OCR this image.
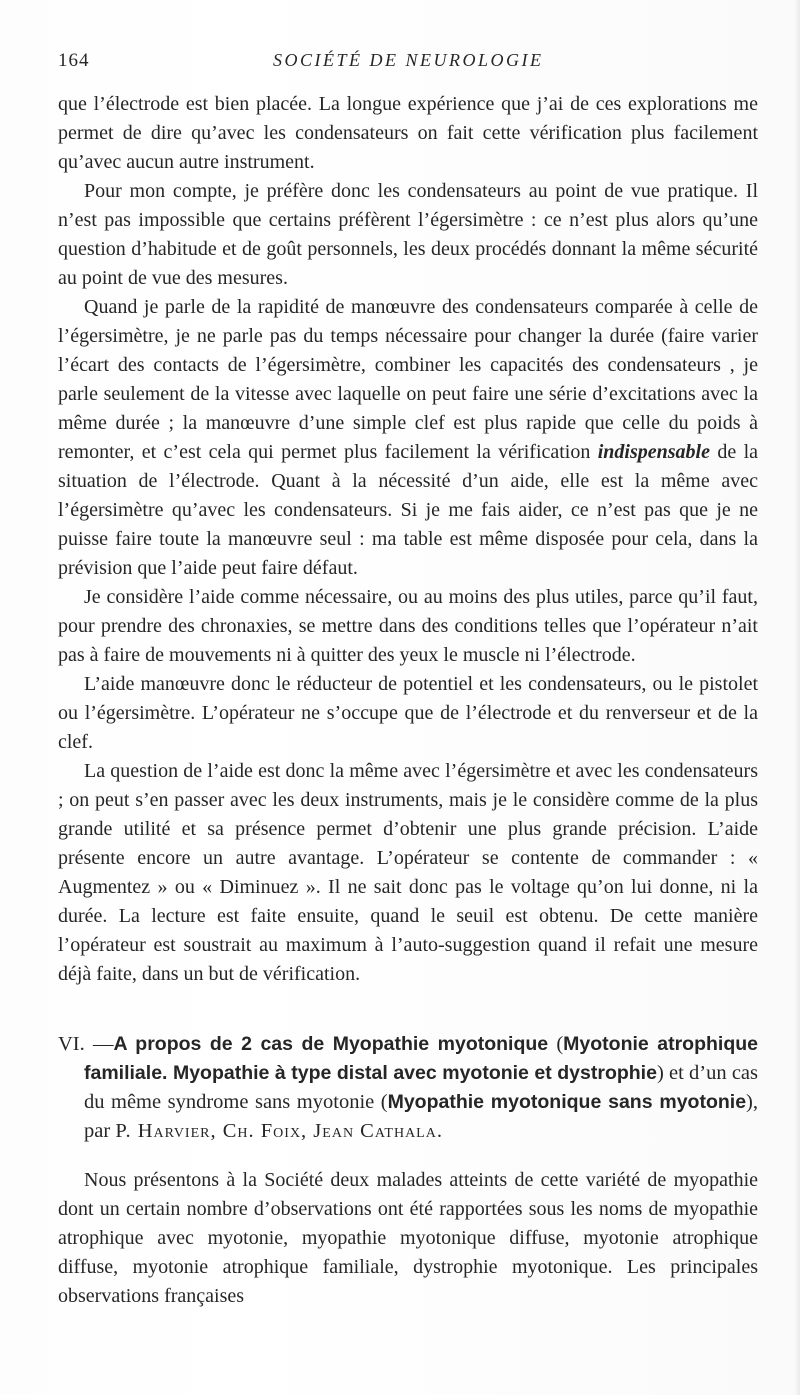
164	SOCIÉTÉ DE NEUROLOGIE

que l’électrode est bien placée. La longue expérience que j’ai de ces explorations me permet de dire qu’avec les condensateurs on fait cette vérification plus facilement qu’avec aucun autre instrument.

Pour mon compte, je préfère donc les condensateurs au point de vue pratique. Il n’est pas impossible que certains préfèrent l’égersimètre : ce n’est plus alors qu’une question d’habitude et de goût personnels, les deux procédés donnant la même sécurité au point de vue des mesures.

Quand je parle de la rapidité de manœuvre des condensateurs comparée à celle de l’égersimètre, je ne parle pas du temps nécessaire pour changer la durée (faire varier l’écart des contacts de l’égersimètre, combiner les capacités des condensateurs , je parle seulement de la vitesse avec laquelle on peut faire une série d’excitations avec la même durée ; la manœuvre d’une simple clef est plus rapide que celle du poids à remonter, et c’est cela qui permet plus facilement la vérification indispensable de la situation de l’électrode. Quant à la nécessité d’un aide, elle est la même avec l’égersimètre qu’avec les condensateurs. Si je me fais aider, ce n’est pas que je ne puisse faire toute la manœuvre seul : ma table est même disposée pour cela, dans la prévision que l’aide peut faire défaut.

Je considère l’aide comme nécessaire, ou au moins des plus utiles, parce qu’il faut, pour prendre des chronaxies, se mettre dans des conditions telles que l’opérateur n’ait pas à faire de mouvements ni à quitter des yeux le muscle ni l’électrode.

L’aide manœuvre donc le réducteur de potentiel et les condensateurs, ou le pistolet ou l’égersimètre. L’opérateur ne s’occupe que de l’électrode et du renverseur et de la clef.

La question de l’aide est donc la même avec l’égersimètre et avec les condensateurs ; on peut s’en passer avec les deux instruments, mais je le considère comme de la plus grande utilité et sa présence permet d’obtenir une plus grande précision. L’aide présente encore un autre avantage. L’opérateur se contente de commander : « Augmentez » ou « Diminuez ». Il ne sait donc pas le voltage qu’on lui donne, ni la durée. La lecture est faite ensuite, quand le seuil est obtenu. De cette manière l’opérateur est soustrait au maximum à l’auto-suggestion quand il refait une mesure déjà faite, dans un but de vérification.

VI. —A propos de 2 cas de Myopathie myotonique (Myotonie atrophique familiale. Myopathie à type distal avec myotonie et dystrophie) et d’un cas du même syndrome sans myotonie (Myopathie myotonique sans myotonie), par P. Harvier, Ch. Foix, Jean Cathala.

Nous présentons à la Société deux malades atteints de cette variété de myopathie dont un certain nombre d’observations ont été rapportées sous les noms de myopathie atrophique avec myotonie, myopathie myotonique diffuse, myotonie atrophique diffuse, myotonie atrophique familiale, dystrophie myotonique. Les principales observations françaises
